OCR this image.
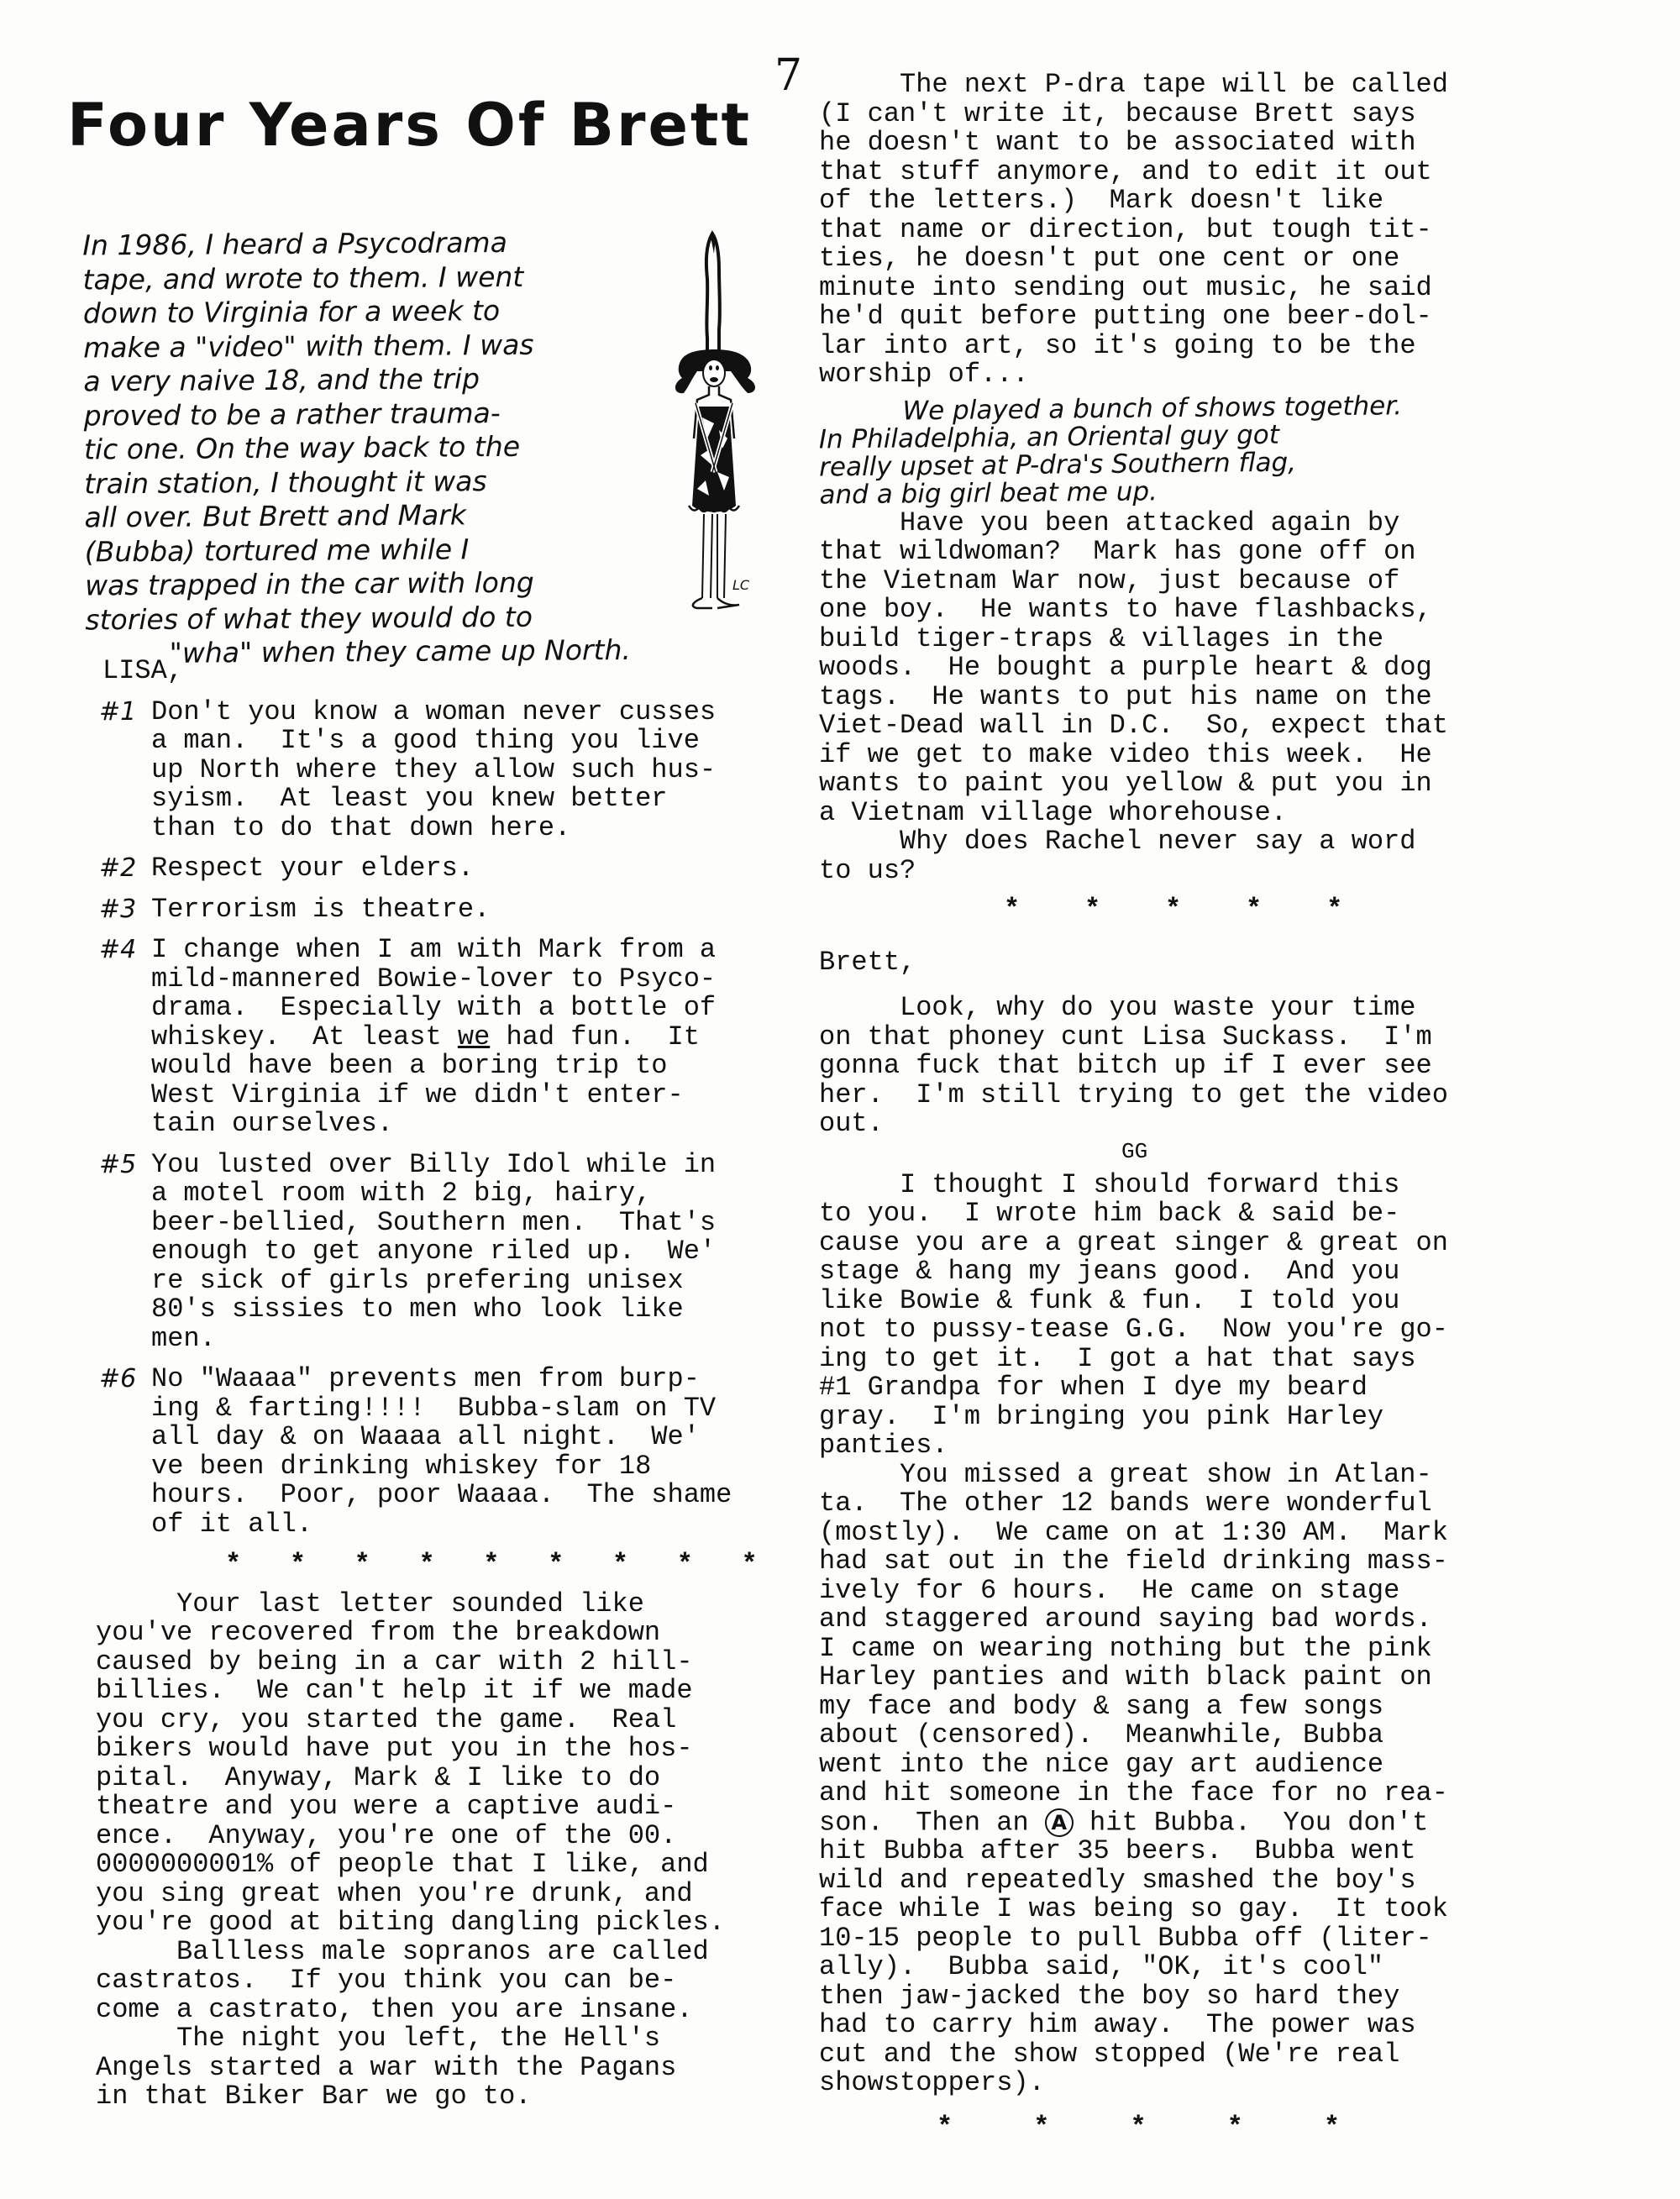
7
Four Years Of Brett
In 1986, I heard a Psycodrama
tape, and wrote to them. I went
down to Virginia for a week to
make a "video" with them. I was
a very naive 18, and the trip
proved to be a rather trauma-
tic one. On the way back to the
train station, I thought it was
all over. But Brett and Mark
(Bubba) tortured me while I
was trapped in the car with long
stories of what they would do to
"wha" when they came up North.
LC
LISA,
#1 Don't you know a woman never cusses
a man.  It's a good thing you live
up North where they allow such hus-
syism.  At least you knew better
than to do that down here.
#2 Respect your elders.
#3 Terrorism is theatre.
#4 I change when I am with Mark from a
mild-mannered Bowie-lover to Psyco-
drama.  Especially with a bottle of
whiskey.  At least we had fun.  It
would have been a boring trip to
West Virginia if we didn't enter-
tain ourselves.
#5 You lusted over Billy Idol while in
a motel room with 2 big, hairy,
beer-bellied, Southern men.  That's
enough to get anyone riled up.  We'
re sick of girls prefering unisex
80's sissies to men who look like
men.
#6 No "Waaaa" prevents men from burp-
ing & farting!!!!  Bubba-slam on TV
all day & on Waaaa all night.  We'
ve been drinking whiskey for 18
hours.  Poor, poor Waaaa.  The shame
of it all.
*   *   *   *   *   *   *   *   *
Your last letter sounded like
you've recovered from the breakdown
caused by being in a car with 2 hill-
billies.  We can't help it if we made
you cry, you started the game.  Real
bikers would have put you in the hos-
pital.  Anyway, Mark & I like to do
theatre and you were a captive audi-
ence.  Anyway, you're one of the 00.
0000000001% of people that I like, and
you sing great when you're drunk, and
you're good at biting dangling pickles.
Ballless male sopranos are called
castratos.  If you think you can be-
come a castrato, then you are insane.
The night you left, the Hell's
Angels started a war with the Pagans
in that Biker Bar we go to.
The next P-dra tape will be called
(I can't write it, because Brett says
he doesn't want to be associated with
that stuff anymore, and to edit it out
of the letters.)  Mark doesn't like
that name or direction, but tough tit-
ties, he doesn't put one cent or one
minute into sending out music, he said
he'd quit before putting one beer-dol-
lar into art, so it's going to be the
worship of...
We played a bunch of shows together.
In Philadelphia, an Oriental guy got
really upset at P-dra's Southern flag,
and a big girl beat me up.
Have you been attacked again by
that wildwoman?  Mark has gone off on
the Vietnam War now, just because of
one boy.  He wants to have flashbacks,
build tiger-traps & villages in the
woods.  He bought a purple heart & dog
tags.  He wants to put his name on the
Viet-Dead wall in D.C.  So, expect that
if we get to make video this week.  He
wants to paint you yellow & put you in
a Vietnam village whorehouse.
Why does Rachel never say a word
to us?
*    *    *    *    *
Brett,
Look, why do you waste your time
on that phoney cunt Lisa Suckass.  I'm
gonna fuck that bitch up if I ever see
her.  I'm still trying to get the video
out.
GG
I thought I should forward this
to you.  I wrote him back & said be-
cause you are a great singer & great on
stage & hang my jeans good.  And you
like Bowie & funk & fun.  I told you
not to pussy-tease G.G.  Now you're go-
ing to get it.  I got a hat that says
#1 Grandpa for when I dye my beard
gray.  I'm bringing you pink Harley
panties.
You missed a great show in Atlan-
ta.  The other 12 bands were wonderful
(mostly).  We came on at 1:30 AM.  Mark
had sat out in the field drinking mass-
ively for 6 hours.  He came on stage
and staggered around saying bad words.
I came on wearing nothing but the pink
Harley panties and with black paint on
my face and body & sang a few songs
about (censored).  Meanwhile, Bubba
went into the nice gay art audience
and hit someone in the face for no rea-
son.  Then an A hit Bubba.  You don't
hit Bubba after 35 beers.  Bubba went
wild and repeatedly smashed the boy's
face while I was being so gay.  It took
10-15 people to pull Bubba off (liter-
ally).  Bubba said, "OK, it's cool"
then jaw-jacked the boy so hard they
had to carry him away.  The power was
cut and the show stopped (We're real
showstoppers).
*     *     *     *     *
